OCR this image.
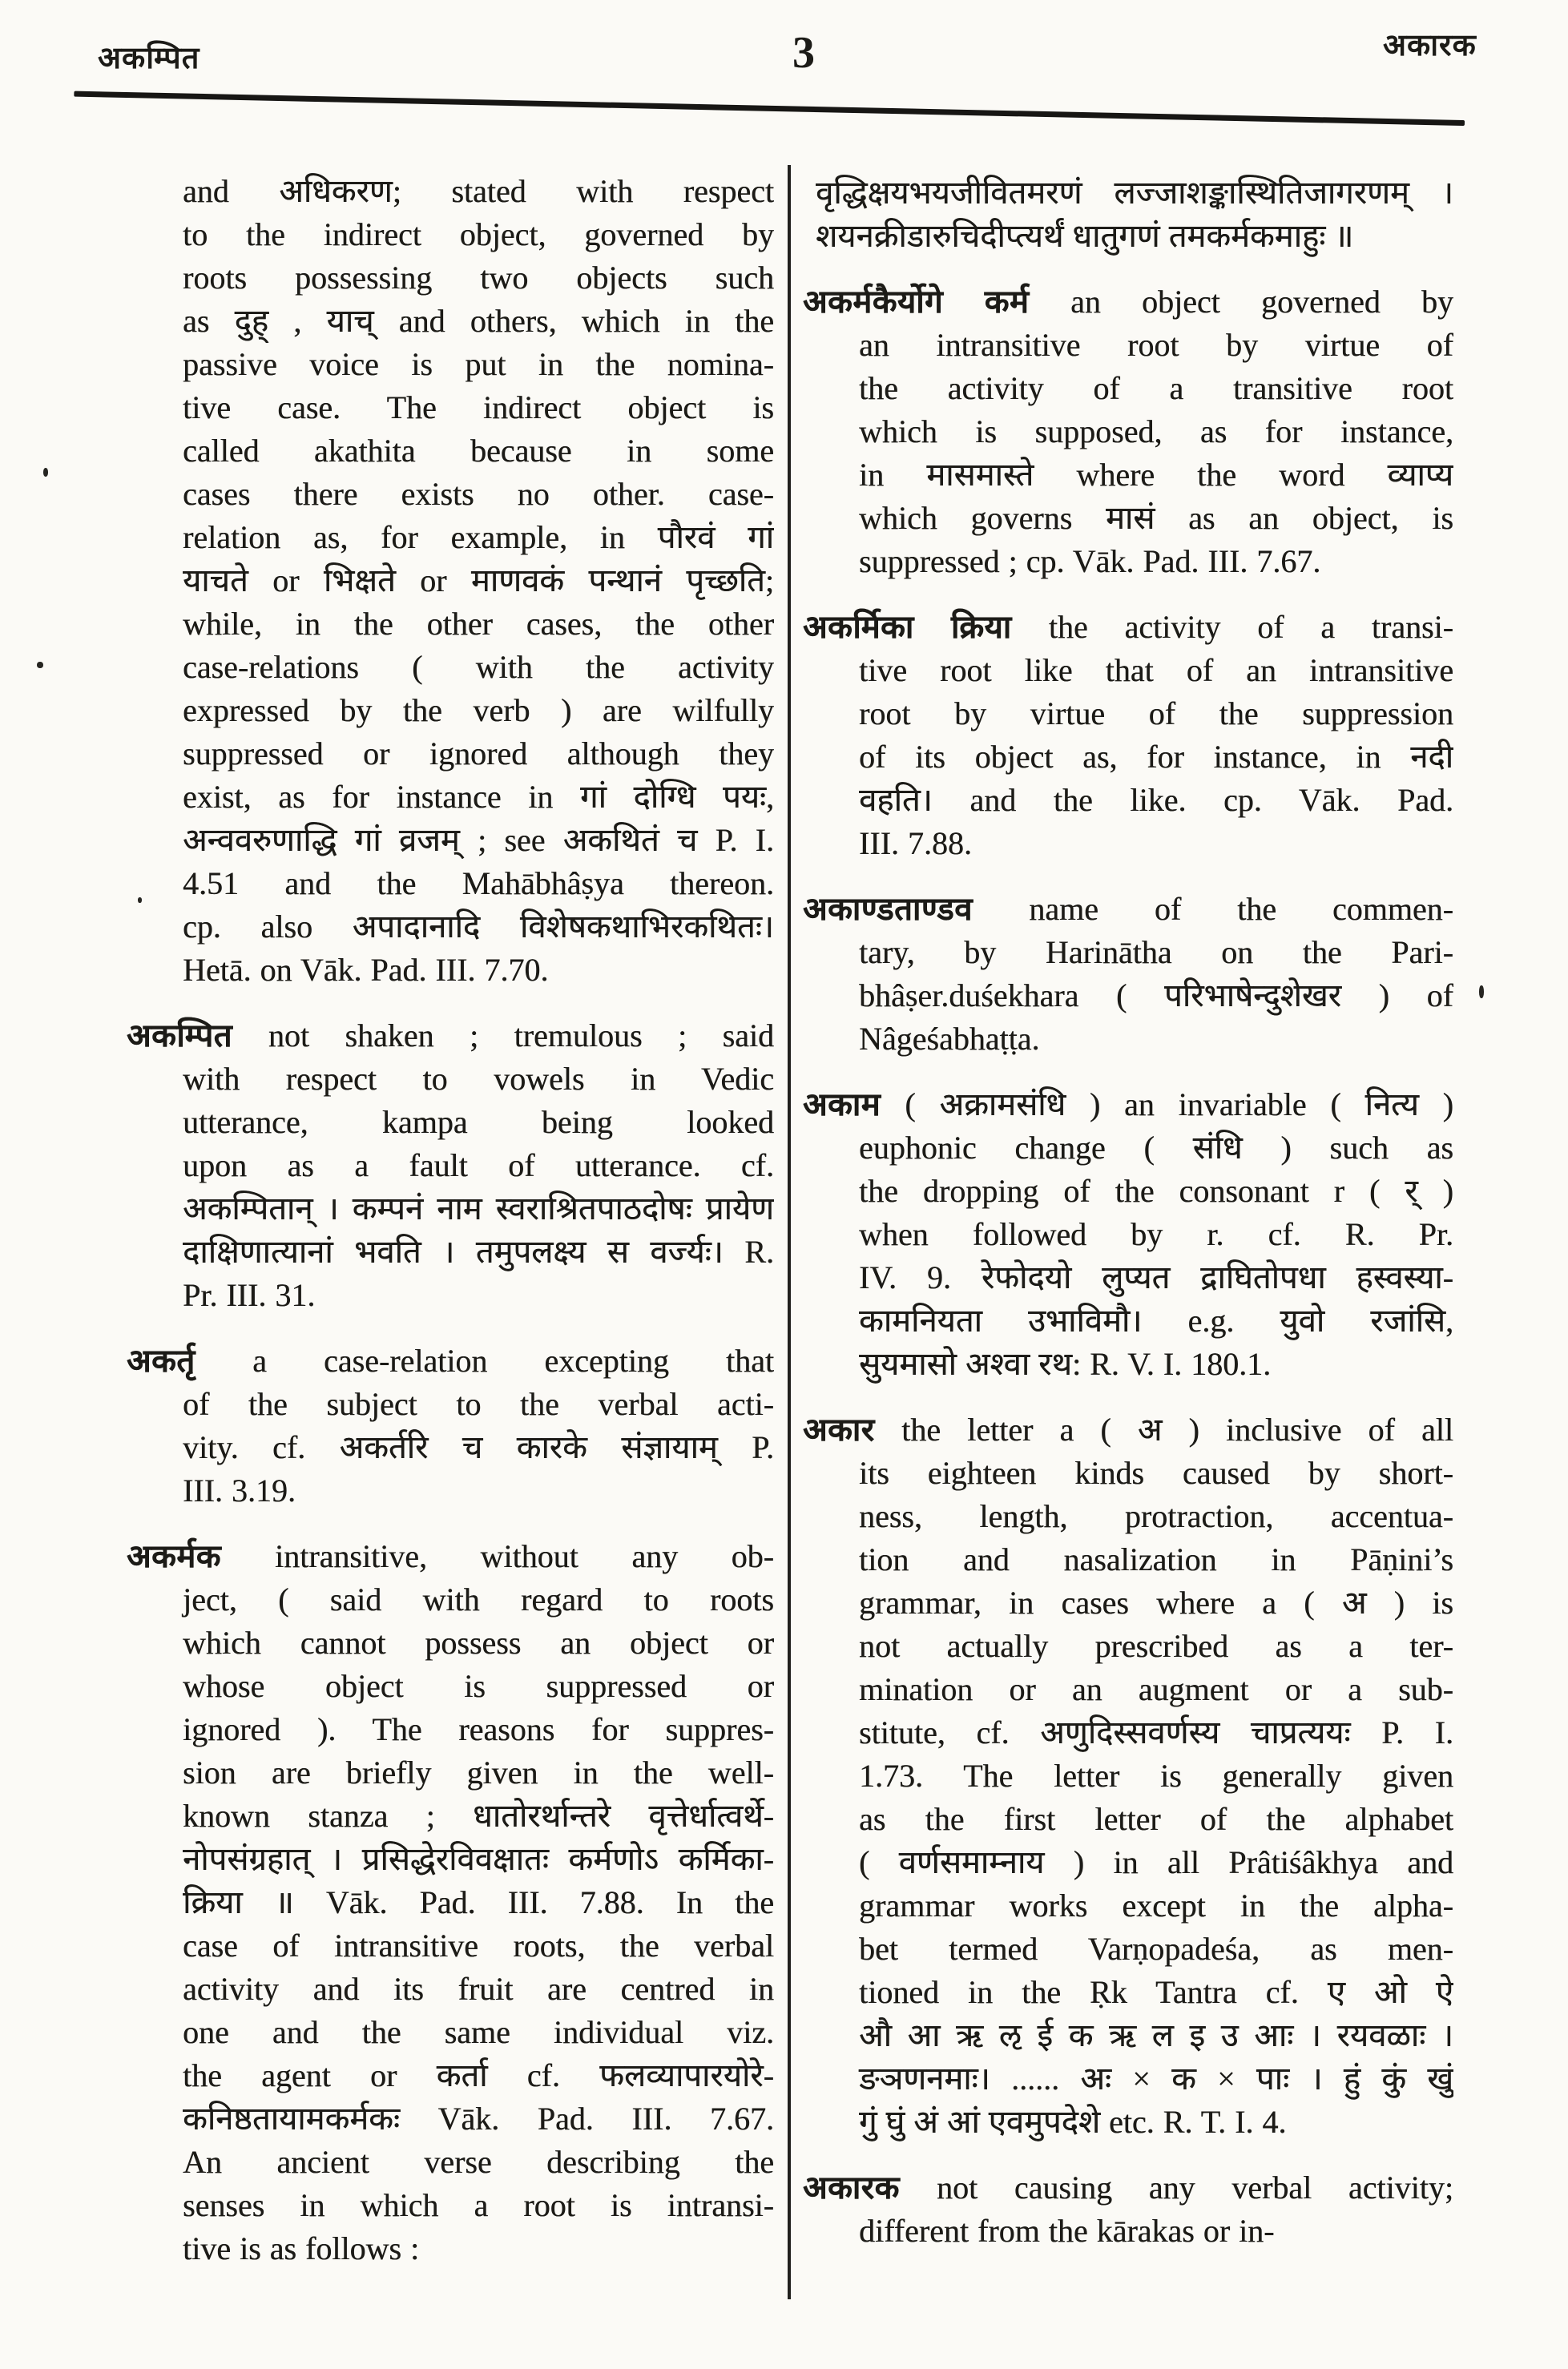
अकम्पित	3	अकारक
and अधिकरण; stated with respect
to the indirect object, governed by
roots possessing two objects such
as दुह् , याच् and others, which in the
passive voice is put in the nomina-
tive case. The indirect object is
called akathita because in some
cases there exists no other. case-
relation as, for example, in पौरवं गां
याचते or भिक्षते or माणवकं पन्थानं पृच्छति;
while, in the other cases, the other
case-relations ( with the activity
expressed by the verb ) are wilfully
suppressed or ignored although they
exist, as for instance in गां दोग्धि पयः,
अन्ववरुणाद्धि गां व्रजम् ; see अकथितं च P. I.
4.51 and the Mahābhâṣya thereon.
cp. also अपादानादि विशेषकथाभिरकथितः।
Hetā. on Vāk. Pad. III. 7.70.
अकम्पित not shaken ; tremulous ; said
with respect to vowels in Vedic
utterance, kampa being looked
upon as a fault of utterance. cf.
अकम्पितान् । कम्पनं नाम स्वराश्रितपाठदोषः प्रायेण
दाक्षिणात्यानां भवति । तमुपलक्ष्य स वर्ज्यः। R.
Pr. III. 31.
अकर्तृ a case-relation excepting that
of the subject to the verbal acti-
vity. cf. अकर्तरि च कारके संज्ञायाम् P.
III. 3.19.
अकर्मक intransitive, without any ob-
ject, ( said with regard to roots
which cannot possess an object or
whose object is suppressed or
ignored ). The reasons for suppres-
sion are briefly given in the well-
known stanza ; धातोरर्थान्तरे वृत्तेर्धात्वर्थे-
नोपसंग्रहात् । प्रसिद्धेरविवक्षातः कर्मणोऽ कर्मिका-
क्रिया ॥ Vāk. Pad. III. 7.88. In the
case of intransitive roots, the verbal
activity and its fruit are centred in
one and the same individual viz.
the agent or कर्ता cf. फलव्यापारयोरे-
कनिष्ठतायामकर्मकः Vāk. Pad. III. 7.67.
An ancient verse describing the
senses in which a root is intransi-
tive is as follows :
वृद्धिक्षयभयजीवितमरणं लज्जाशङ्कास्थितिजागरणम् ।
शयनक्रीडारुचिदीप्त्यर्थं धातुगणं तमकर्मकमाहुः ॥
अकर्मकैर्योगे कर्म an object governed by
an intransitive root by virtue of
the activity of a transitive root
which is supposed, as for instance,
in मासमास्ते where the word व्याप्य
which governs मासं as an object, is
suppressed ; cp. Vāk. Pad. III. 7.67.
अकर्मिका क्रिया the activity of a transi-
tive root like that of an intransitive
root by virtue of the suppression
of its object as, for instance, in नदी
वहति। and the like. cp. Vāk. Pad.
III. 7.88.
अकाण्डताण्डव name of the commen-
tary, by Harinātha on the Pari-
bhâṣer.duśekhara ( परिभाषेन्दुशेखर ) of
Nâgeśabhaṭṭa.
अकाम ( अक्रामसंधि ) an invariable ( नित्य )
euphonic change ( संधि ) such as
the dropping of the consonant r ( र् )
when followed by r. cf. R. Pr.
IV. 9. रेफोदयो लुप्यत द्राघितोपधा हस्वस्या-
कामनियता उभाविमौ। e.g. युवो रजांसि,
सुयमासो अश्वा रथ: R. V. I. 180.1.
अकार the letter a ( अ ) inclusive of all
its eighteen kinds caused by short-
ness, length, protraction, accentua-
tion and nasalization in Pāṇini’s
grammar, in cases where a ( अ ) is
not actually prescribed as a ter-
mination or an augment or a sub-
stitute, cf. अणुदिस्सवर्णस्य चाप्रत्ययः P. I.
1.73. The letter is generally given
as the first letter of the alphabet
( वर्णसमाम्नाय ) in all Prâtiśâkhya and
grammar works except in the alpha-
bet termed Varṇopadeśa, as men-
tioned in the Ṛk Tantra cf. ए ओ ऐ
औ आ ऋ ऌ ई क ऋ ल इ उ आः । रयवळाः ।
ङञणनमाः। ...... अः × क × पाः । हुं कुं खुं
गुं घुं अं आं एवमुपदेशे etc. R. T. I. 4.
अकारक not causing any verbal activity;
different from the kārakas or in-
